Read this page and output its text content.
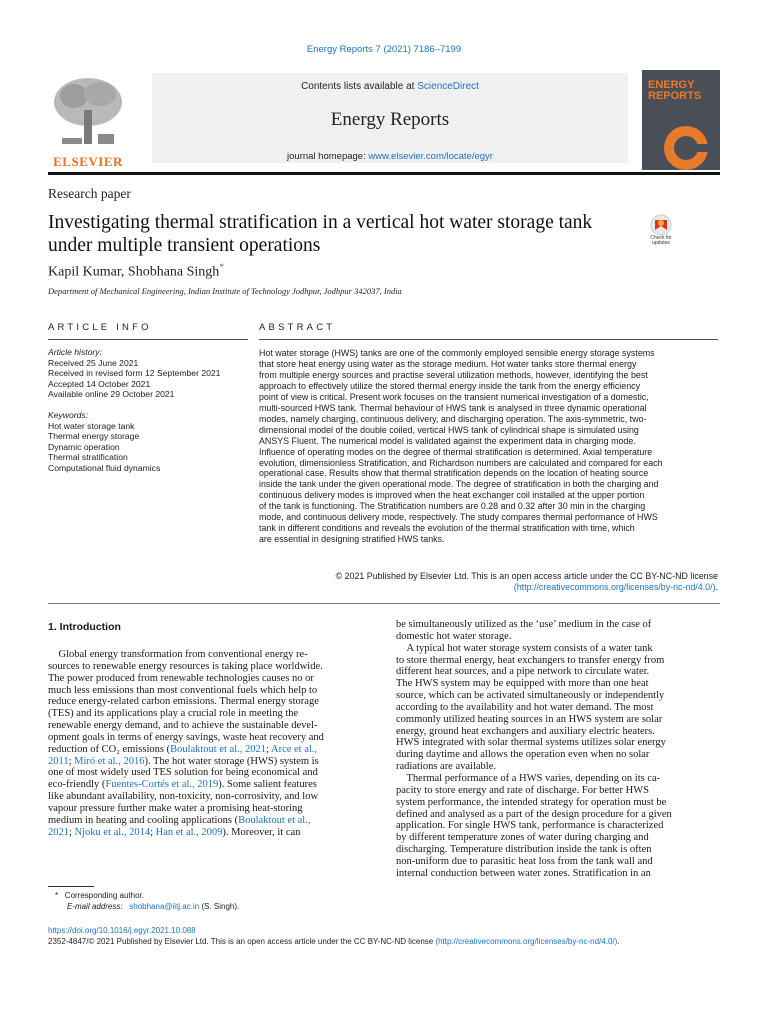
Energy Reports 7 (2021) 7186–7199
ELSEVIER
Contents lists available at ScienceDirect
Energy Reports
journal homepage: www.elsevier.com/locate/egyr
ENERGY
REPORTS
Research paper
Investigating thermal stratification in a vertical hot water storage tank under multiple transient operations	Check for
updates
Kapil Kumar, Shobhana Singh*
Department of Mechanical Engineering, Indian Institute of Technology Jodhpur, Jodhpur 342037, India
ARTICLE INFO	ABSTRACT
Article history:
Received 25 June 2021
Received in revised form 12 September 2021
Accepted 14 October 2021
Available online 29 October 2021
Keywords:
Hot water storage tank
Thermal energy storage
Dynamic operation
Thermal stratification
Computational fluid dynamics
Hot water storage (HWS) tanks are one of the commonly employed sensible energy storage systems
that store heat energy using water as the storage medium. Hot water tanks store thermal energy
from multiple energy sources and practise several utilization methods, however, identifying the best
approach to effectively utilize the stored thermal energy inside the tank from the energy efficiency
point of view is critical. Present work focuses on the transient numerical investigation of a domestic,
multi-sourced HWS tank. Thermal behaviour of HWS tank is analysed in three dynamic operational
modes, namely charging, continuous delivery, and discharging operation. The axis-symmetric, two-
dimensional model of the double coiled, vertical HWS tank of cylindrical shape is simulated using
ANSYS Fluent. The numerical model is validated against the experiment data in charging mode.
Influence of operating modes on the degree of thermal stratification is determined. Axial temperature
evolution, dimensionless Stratification, and Richardson numbers are calculated and compared for each
operational case. Results show that thermal stratification depends on the location of heating source
inside the tank under the given operational mode. The degree of stratification in both the charging and
continuous delivery modes is improved when the heat exchanger coil installed at the upper portion
of the tank is functioning. The Stratification numbers are 0.28 and 0.32 after 30 min in the charging
mode, and continuous delivery mode, respectively. The study compares thermal performance of HWS
tank in different conditions and reveals the evolution of the thermal stratification with time, which
are essential in designing stratified HWS tanks.
© 2021 Published by Elsevier Ltd. This is an open access article under the CC BY-NC-ND license
(http://creativecommons.org/licenses/by-nc-nd/4.0/).
1. Introduction
Global energy transformation from conventional energy re-
sources to renewable energy resources is taking place worldwide.
The power produced from renewable technologies causes no or
much less emissions than most conventional fuels which help to
reduce energy-related carbon emissions. Thermal energy storage
(TES) and its applications play a crucial role in meeting the
renewable energy demand, and to achieve the sustainable devel-
opment goals in terms of energy savings, waste heat recovery and
reduction of CO₂ emissions (Boulaktout et al., 2021; Arce et al.,
2011; Miró et al., 2016). The hot water storage (HWS) system is
one of most widely used TES solution for being economical and
eco-friendly (Fuentes-Cortés et al., 2019). Some salient features
like abundant availability, non-toxicity, non-corrosivity, and low
vapour pressure further make water a promising heat-storing
medium in heating and cooling applications (Boulaktout et al.,
2021; Njoku et al., 2014; Han et al., 2009). Moreover, it can
be simultaneously utilized as the ‘use’ medium in the case of
domestic hot water storage.
A typical hot water storage system consists of a water tank
to store thermal energy, heat exchangers to transfer energy from
different heat sources, and a pipe network to circulate water.
The HWS system may be equipped with more than one heat
source, which can be activated simultaneously or independently
according to the availability and hot water demand. The most
commonly utilized heating sources in an HWS system are solar
energy, ground heat exchangers and auxiliary electric heaters.
HWS integrated with solar thermal systems utilizes solar energy
during daytime and allows the operation even when no solar
radiations are available.
Thermal performance of a HWS varies, depending on its ca-
pacity to store energy and rate of discharge. For better HWS
system performance, the intended strategy for operation must be
defined and analysed as a part of the design procedure for a given
application. For single HWS tank, performance is characterized
by different temperature zones of water during charging and
discharging. Temperature distribution inside the tank is often
non-uniform due to parasitic heat loss from the tank wall and
internal conduction between water zones. Stratification in an
* Corresponding author.
E-mail address: shobhana@iitj.ac.in (S. Singh).
https://doi.org/10.1016/j.egyr.2021.10.088
2352-4847/© 2021 Published by Elsevier Ltd. This is an open access article under the CC BY-NC-ND license (http://creativecommons.org/licenses/by-nc-nd/4.0/).
